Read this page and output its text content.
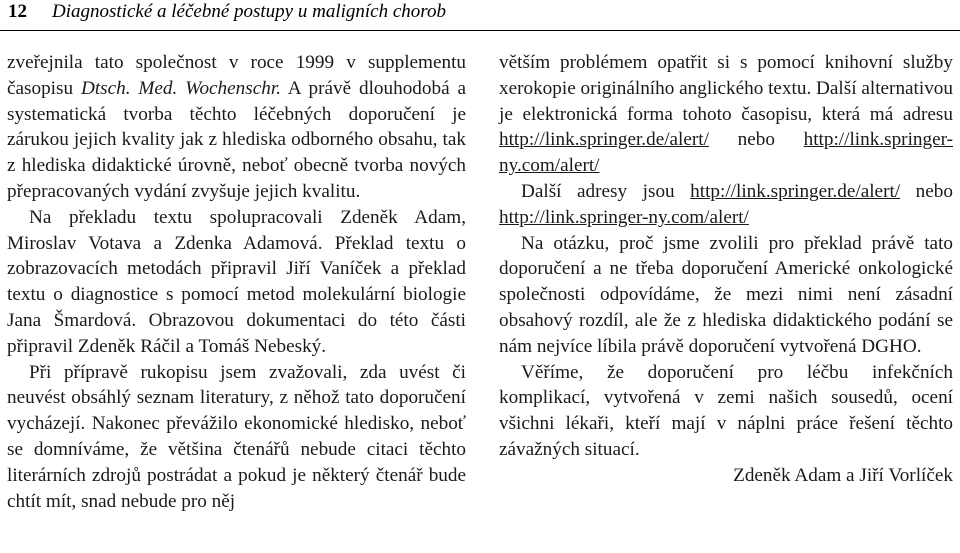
12 Diagnostické a léčebné postupy u maligních chorob

zveřejnila tato společnost v roce 1999 v supplementu časopisu Dtsch. Med. Wochenschr. A právě dlouhodobá a systematická tvorba těchto léčebných doporučení je zárukou jejich kvality jak z hlediska odborného obsahu, tak z hlediska didaktické úrovně, neboť obecně tvorba nových přepracovaných vydání zvyšuje jejich kvalitu.

Na překladu textu spolupracovali Zdeněk Adam, Miroslav Votava a Zdenka Adamová. Překlad textu o zobrazovacích metodách připravil Jiří Vaníček a překlad textu o diagnostice s pomocí metod molekulární biologie Jana Šmardová. Obrazovou dokumentaci do této části připravil Zdeněk Ráčil a Tomáš Nebeský.

Při přípravě rukopisu jsem zvažovali, zda uvést či neuvést obsáhlý seznam literatury, z něhož tato doporučení vycházejí. Nakonec převážilo ekonomické hledisko, neboť se domníváme, že většina čtenářů nebude citaci těchto literárních zdrojů postrádat a pokud je některý čtenář bude chtít mít, snad nebude pro něj

větším problémem opatřit si s pomocí knihovní služby xerokopie originálního anglického textu. Další alternativou je elektronická forma tohoto časopisu, která má adresu http://link.springer.de/alert/ nebo http://link.springer-ny.com/alert/

Další adresy jsou http://link.springer.de/alert/ nebo http://link.springer-ny.com/alert/

Na otázku, proč jsme zvolili pro překlad právě tato doporučení a ne třeba doporučení Americké onkologické společnosti odpovídáme, že mezi nimi není zásadní obsahový rozdíl, ale že z hlediska didaktického podání se nám nejvíce líbila právě doporučení vytvořená DGHO.

Věříme, že doporučení pro léčbu infekčních komplikací, vytvořená v zemi našich sousedů, ocení všichni lékaři, kteří mají v náplni práce řešení těchto závažných situací.

Zdeněk Adam a Jiří Vorlíček
